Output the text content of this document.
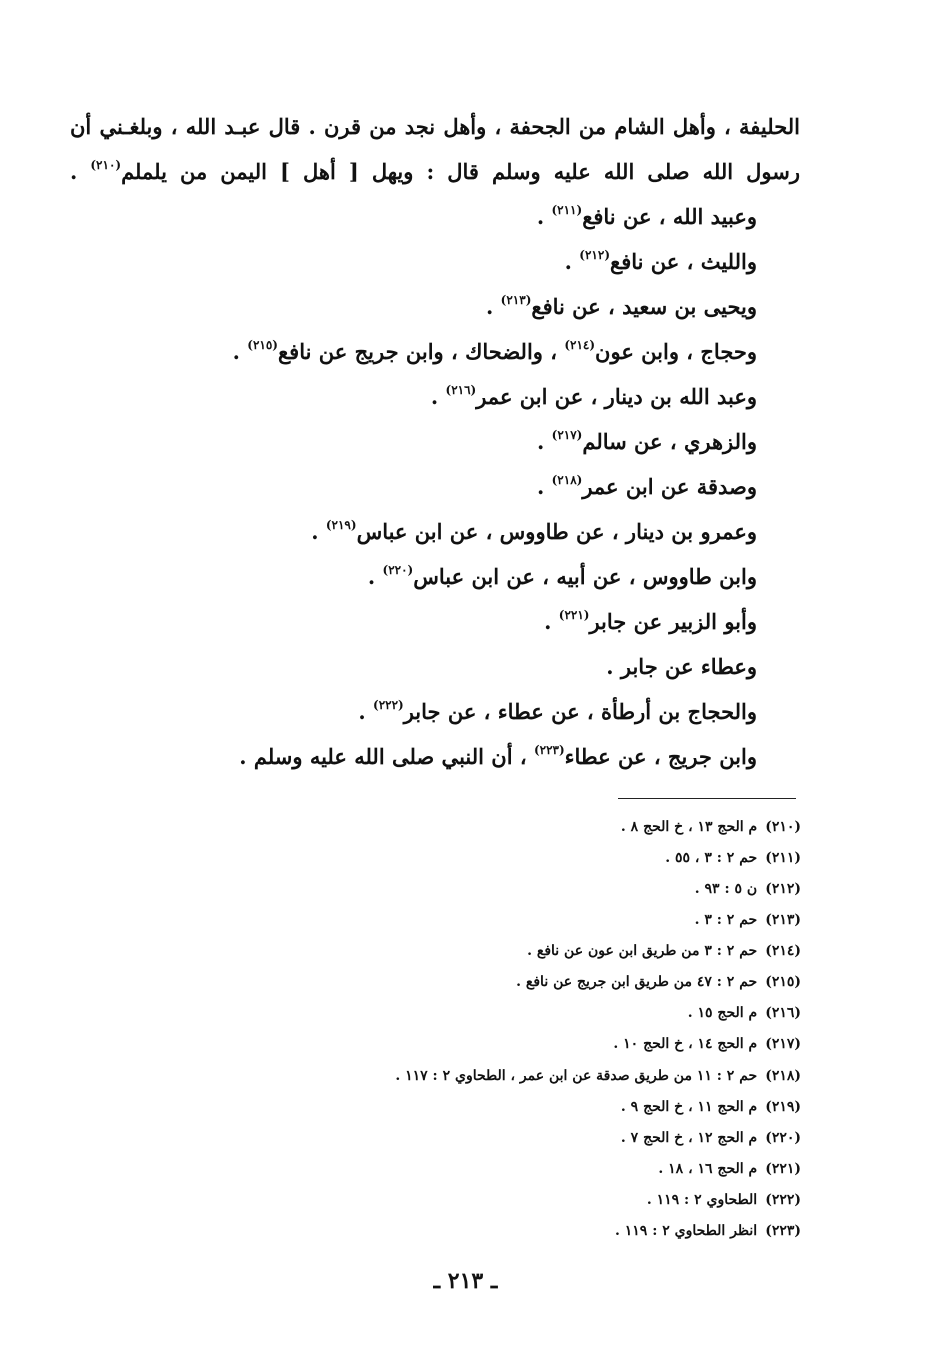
الحليفة ، وأهل الشام من الجحفة ، وأهل نجد من قرن . قال عبـد الله ، وبلغـني أن
رسول الله صلى الله عليه وسلم قال : ويهل [ أهل ] اليمن من يلملم$^{(٢١٠)}$ .
وعبيد الله ، عن نافع$^{(٢١١)}$ .
والليث ، عن نافع$^{(٢١٢)}$ .
ويحيى بن سعيد ، عن نافع$^{(٢١٣)}$ .
وحجاج ، وابن عون$^{(٢١٤)}$ ، والضحاك ، وابن جريج عن نافع$^{(٢١٥)}$ .
وعبد الله بن دينار ، عن ابن عمر$^{(٢١٦)}$ .
والزهري ، عن سالم$^{(٢١٧)}$ .
وصدقة عن ابن عمر$^{(٢١٨)}$ .
وعمرو بن دينار ، عن طاووس ، عن ابن عباس$^{(٢١٩)}$ .
وابن طاووس ، عن أبيه ، عن ابن عباس$^{(٢٢٠)}$ .
وأبو الزبير عن جابر$^{(٢٢١)}$ .
وعطاء عن جابر .
والحجاج بن أرطأة ، عن عطاء ، عن جابر$^{(٢٢٢)}$ .
وابن جريج ، عن عطاء$^{(٢٢٣)}$ ، أن النبي صلى الله عليه وسلم .
(٢١٠)م الحج ١٣ ، خ الحج ٨ .
(٢١١)حم ٢ : ٣ ، ٥٥ .
(٢١٢)ن ٥ : ٩٣ .
(٢١٣)حم ٢ : ٣ .
(٢١٤)حم ٢ : ٣ من طريق ابن عون عن نافع .
(٢١٥)حم ٢ : ٤٧ من طريق ابن جريج عن نافع .
(٢١٦)م الحج ١٥ .
(٢١٧)م الحج ١٤ ، خ الحج ١٠ .
(٢١٨)حم ٢ : ١١ من طريق صدقة عن ابن عمر ، الطحاوي ٢ : ١١٧ .
(٢١٩)م الحج ١١ ، خ الحج ٩ .
(٢٢٠)م الحج ١٢ ، خ الحج ٧ .
(٢٢١)م الحج ١٦ ، ١٨ .
(٢٢٢)الطحاوي ٢ : ١١٩ .
(٢٢٣)انظر الطحاوي ٢ : ١١٩ .
ـ ٢١٣ ـ
